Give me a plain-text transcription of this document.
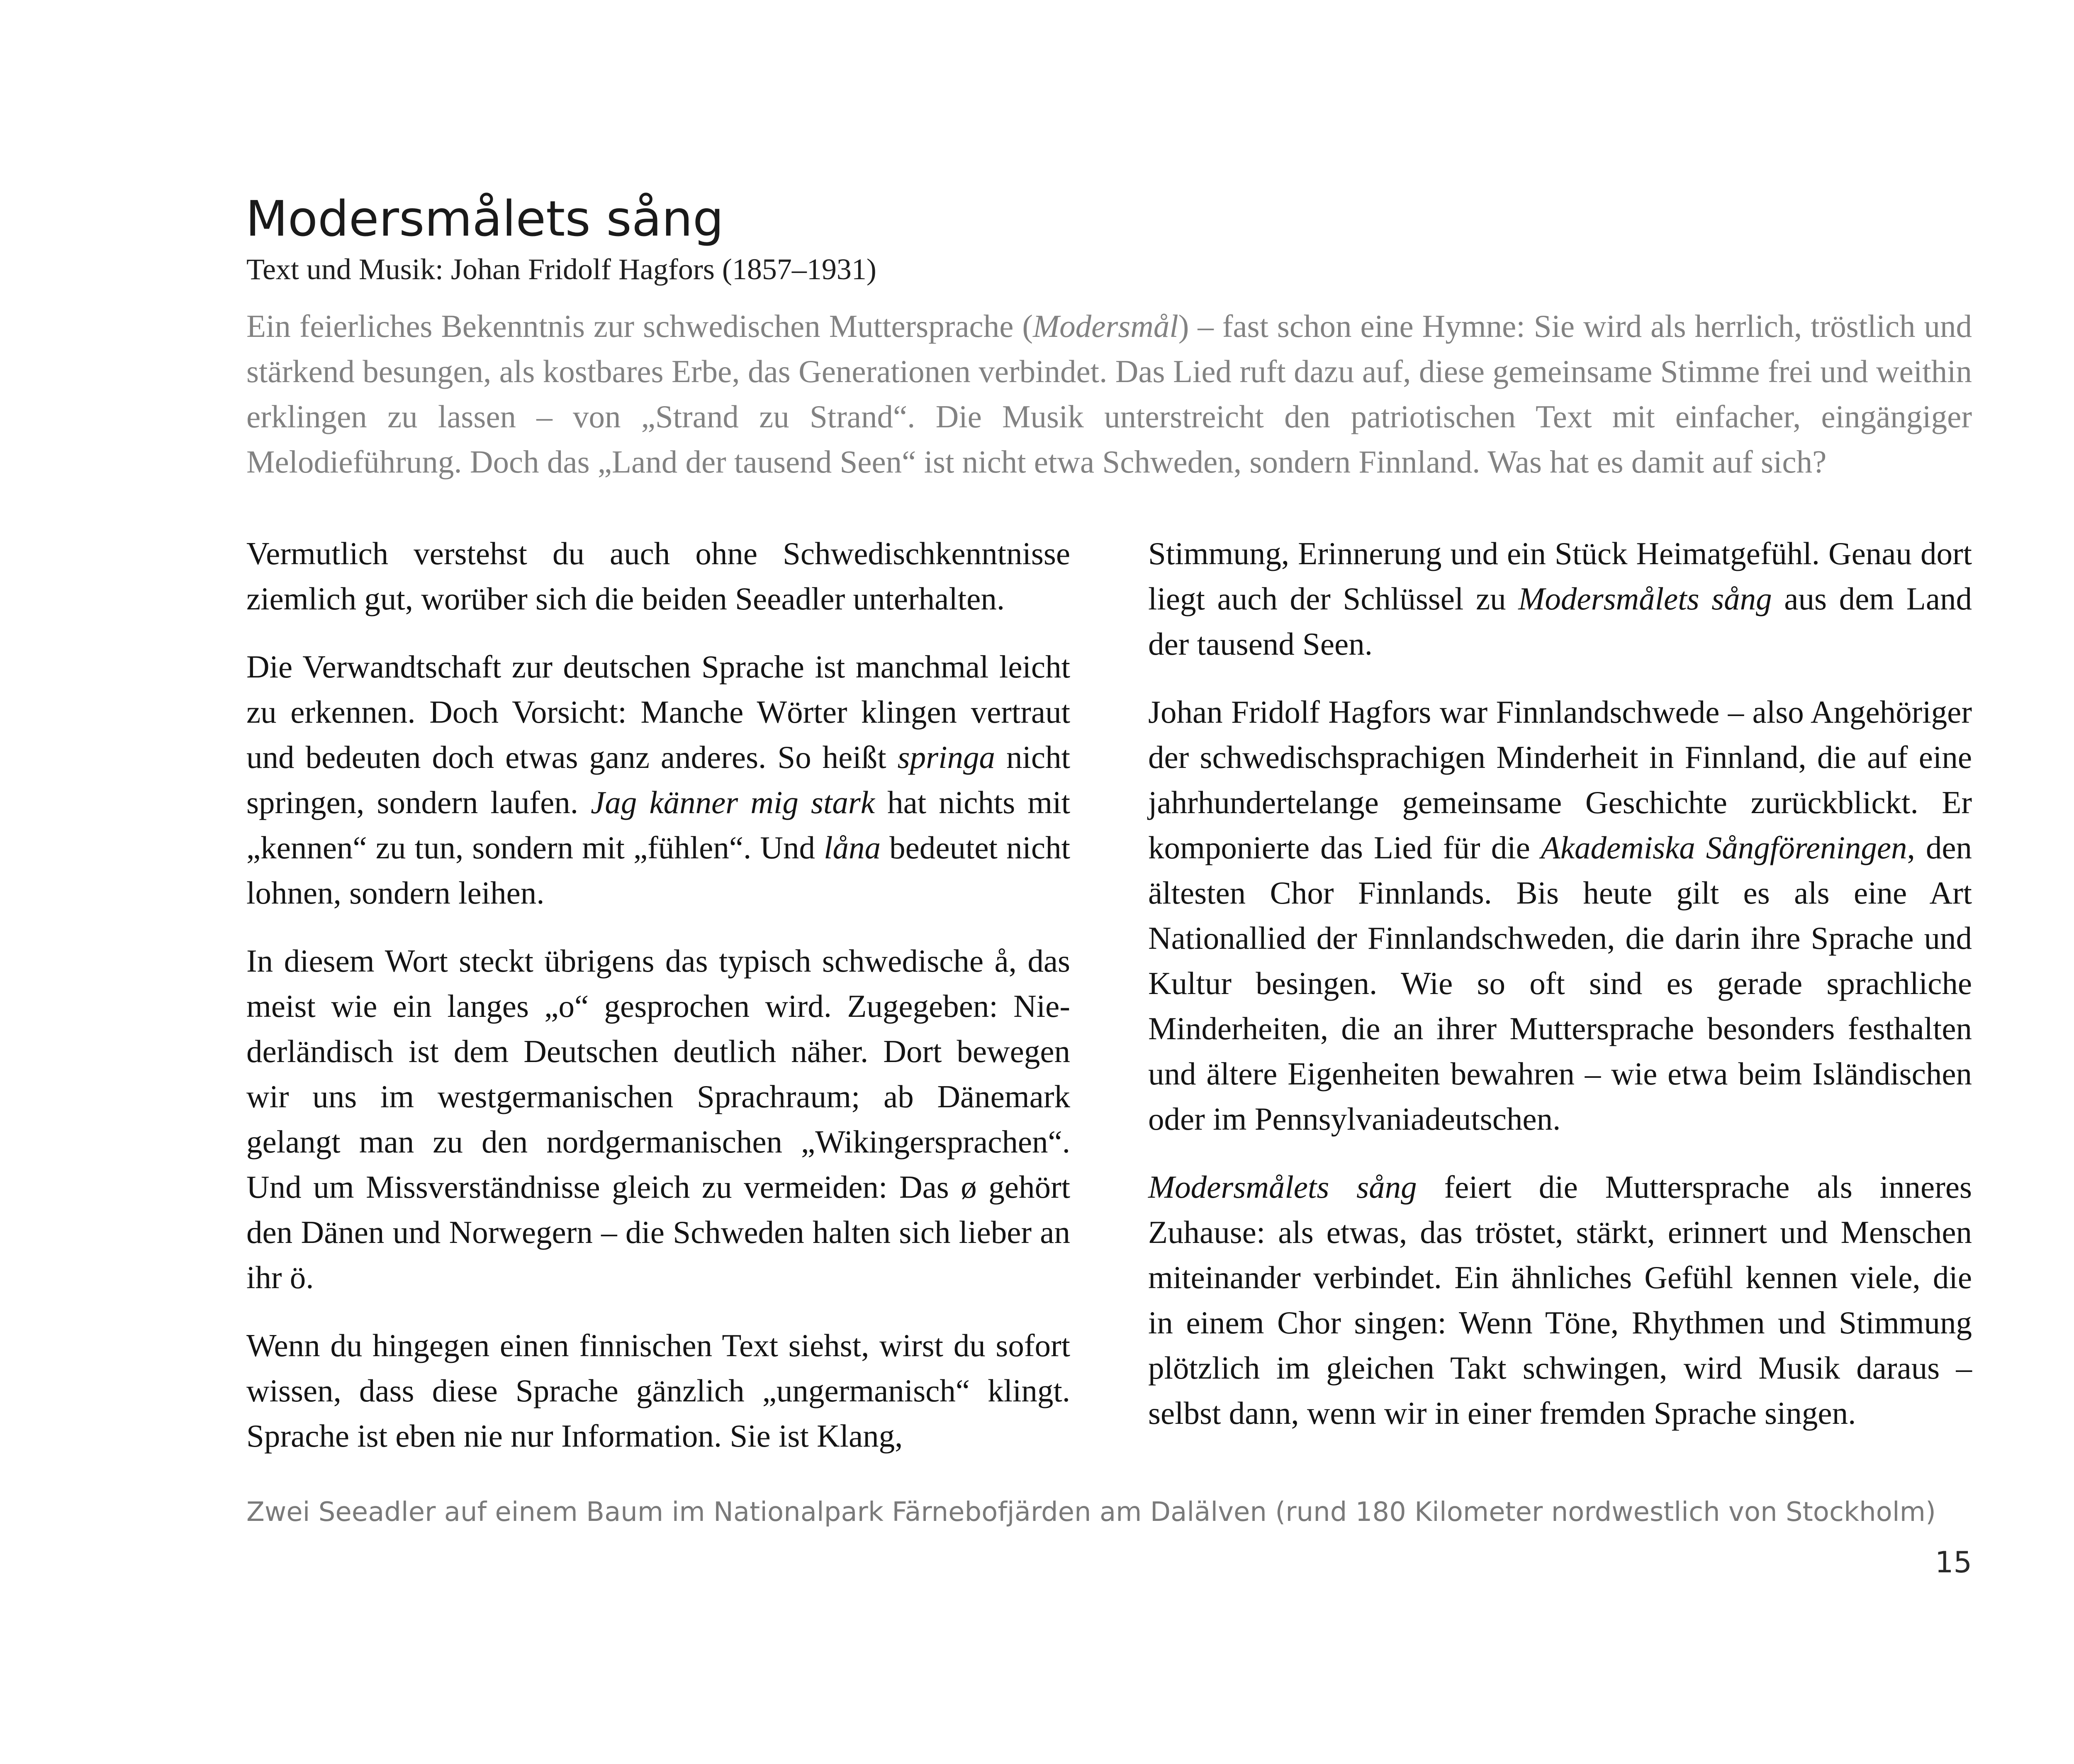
Modersmålets sång

Text und Musik: Johan Fridolf Hagfors (1857–1931)

Ein feierliches Bekenntnis zur schwedischen Muttersprache (Modersmål) – fast schon eine Hymne: Sie wird als herrlich, tröstlich und stärkend besungen, als kostbares Erbe, das Generationen verbindet. Das Lied ruft dazu auf, diese gemeinsame Stimme frei und weithin erklingen zu lassen – von „Strand zu Strand“. Die Musik unterstreicht den patriotischen Text mit einfacher, eingängiger Melodieführung. Doch das „Land der tausend Seen“ ist nicht etwa Schweden, sondern Finnland. Was hat es damit auf sich?

Vermutlich verstehst du auch ohne Schwedischkenntnisse ziemlich gut, worüber sich die beiden Seeadler unterhalten.

Die Verwandtschaft zur deutschen Sprache ist manchmal leicht zu erkennen. Doch Vorsicht: Manche Wörter klingen vertraut und bedeuten doch etwas ganz anderes. So heißt springa nicht springen, sondern laufen. Jag känner mig stark hat nichts mit „kennen“ zu tun, sondern mit „fühlen“. Und låna bedeutet nicht lohnen, sondern leihen.

In diesem Wort steckt übrigens das typisch schwedische å, das meist wie ein langes „o“ gesprochen wird. Zugegeben: Niederländisch ist dem Deutschen deutlich näher. Dort bewegen wir uns im westgermanischen Sprachraum; ab Dänemark gelangt man zu den nordgermanischen „Wikingersprachen“. Und um Missverständnisse gleich zu vermeiden: Das ø gehört den Dänen und Norwegern – die Schweden halten sich lieber an ihr ö.

Wenn du hingegen einen finnischen Text siehst, wirst du sofort wissen, dass diese Sprache gänzlich „ungermanisch“ klingt. Sprache ist eben nie nur Information. Sie ist Klang,

Stimmung, Erinnerung und ein Stück Heimatgefühl. Genau dort liegt auch der Schlüssel zu Modersmålets sång aus dem Land der tausend Seen.

Johan Fridolf Hagfors war Finnlandschwede – also Angehöriger der schwedischsprachigen Minderheit in Finnland, die auf eine jahrhundertelange gemeinsame Geschichte zurückblickt. Er komponierte das Lied für die Akademiska Sångföreningen, den ältesten Chor Finnlands. Bis heute gilt es als eine Art Nationallied der Finnlandschweden, die darin ihre Sprache und Kultur besingen. Wie so oft sind es gerade sprachliche Minderheiten, die an ihrer Muttersprache besonders festhalten und ältere Eigenheiten bewahren – wie etwa beim Isländischen oder im Pennsylvaniadeutschen.

Modersmålets sång feiert die Muttersprache als inneres Zuhause: als etwas, das tröstet, stärkt, erinnert und Menschen miteinander verbindet. Ein ähnliches Gefühl kennen viele, die in einem Chor singen: Wenn Töne, Rhythmen und Stimmung plötzlich im gleichen Takt schwingen, wird Musik daraus – selbst dann, wenn wir in einer fremden Sprache singen.

Zwei Seeadler auf einem Baum im Nationalpark Färnebofjärden am Dalälven (rund 180 Kilometer nordwestlich von Stockholm)

15
